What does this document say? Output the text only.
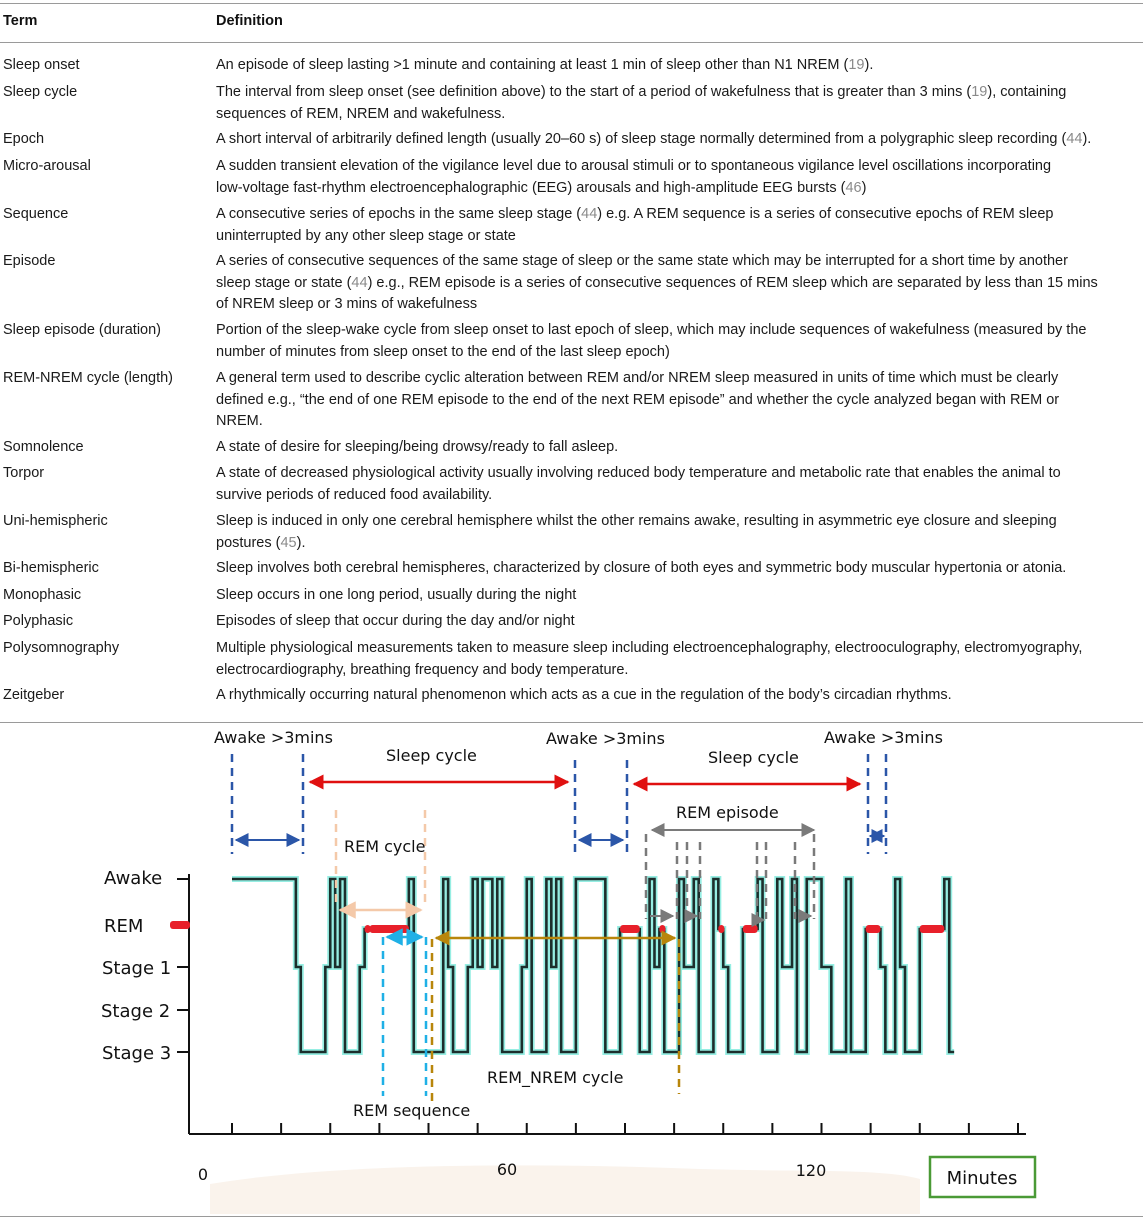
Term	Definition
Sleep onset	An episode of sleep lasting >1 minute and containing at least 1 min of sleep other than N1 NREM (19).
Sleep cycle	The interval from sleep onset (see definition above) to the start of a period of wakefulness that is greater than 3 mins (19), containing
sequences of REM, NREM and wakefulness.
Epoch	A short interval of arbitrarily defined length (usually 20–60 s) of sleep stage normally determined from a polygraphic sleep recording (44).
Micro-arousal	A sudden transient elevation of the vigilance level due to arousal stimuli or to spontaneous vigilance level oscillations incorporating
low-voltage fast-rhythm electroencephalographic (EEG) arousals and high-amplitude EEG bursts (46)
Sequence	A consecutive series of epochs in the same sleep stage (44) e.g. A REM sequence is a series of consecutive epochs of REM sleep
uninterrupted by any other sleep stage or state
Episode	A series of consecutive sequences of the same stage of sleep or the same state which may be interrupted for a short time by another
sleep stage or state (44) e.g., REM episode is a series of consecutive sequences of REM sleep which are separated by less than 15 mins
of NREM sleep or 3 mins of wakefulness
Sleep episode (duration)	Portion of the sleep-wake cycle from sleep onset to last epoch of sleep, which may include sequences of wakefulness (measured by the
number of minutes from sleep onset to the end of the last sleep epoch)
REM-NREM cycle (length)	A general term used to describe cyclic alteration between REM and/or NREM sleep measured in units of time which must be clearly
defined e.g., “the end of one REM episode to the end of the next REM episode” and whether the cycle analyzed began with REM or
NREM.
Somnolence	A state of desire for sleeping/being drowsy/ready to fall asleep.
Torpor	A state of decreased physiological activity usually involving reduced body temperature and metabolic rate that enables the animal to
survive periods of reduced food availability.
Uni-hemispheric	Sleep is induced in only one cerebral hemisphere whilst the other remains awake, resulting in asymmetric eye closure and sleeping
postures (45).
Bi-hemispheric	Sleep involves both cerebral hemispheres, characterized by closure of both eyes and symmetric body muscular hypertonia or atonia.
Monophasic	Sleep occurs in one long period, usually during the night
Polyphasic	Episodes of sleep that occur during the day and/or night
Polysomnography	Multiple physiological measurements taken to measure sleep including electroencephalography, electrooculography, electromyography,
electrocardiography, breathing frequency and body temperature.
Zeitgeber	A rhythmically occurring natural phenomenon which acts as a cue in the regulation of the body’s circadian rhythms.
Awake
REM
Stage 1
Stage 2
Stage 3
0	60	120	Minutes
Awake >3mins	Awake >3mins	Awake >3mins
Sleep cycle	Sleep cycle
REM cycle
REM episode
REM sequence
REM_NREM cycle
